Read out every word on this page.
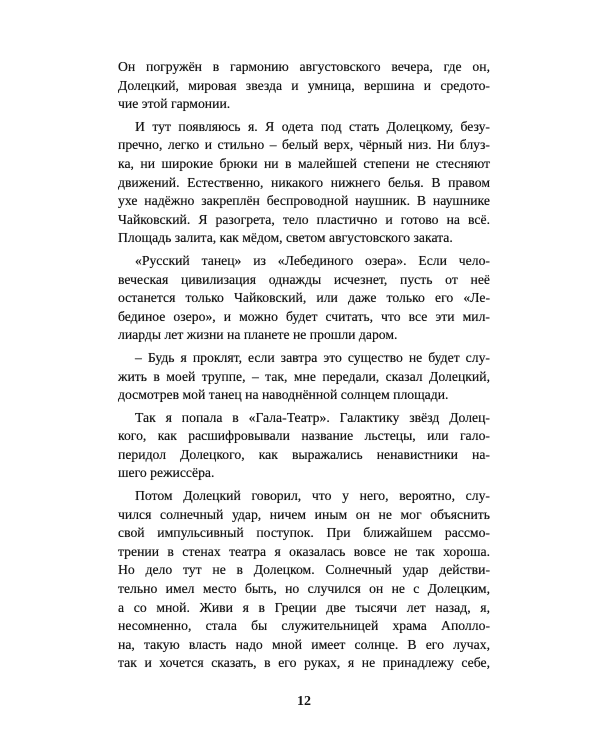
Он погружён в гармонию августовского вечера, где он,
Долецкий, мировая звезда и умница, вершина и средото-
чие этой гармонии.

И тут появляюсь я. Я одета под стать Долецкому, безу-
пречно, легко и стильно – белый верх, чёрный низ. Ни блуз-
ка, ни широкие брюки ни в малейшей степени не стесняют
движений. Естественно, никакого нижнего белья. В правом
ухе надёжно закреплён беспроводной наушник. В наушнике
Чайковский. Я разогрета, тело пластично и готово на всё.
Площадь залита, как мёдом, светом августовского заката.

«Русский танец» из «Лебединого озера». Если чело-
веческая цивилизация однажды исчезнет, пусть от неё
останется только Чайковский, или даже только его «Ле-
бединое озеро», и можно будет считать, что все эти мил-
лиарды лет жизни на планете не прошли даром.

– Будь я проклят, если завтра это существо не будет слу-
жить в моей труппе, – так, мне передали, сказал Долецкий,
досмотрев мой танец на наводнённой солнцем площади.

Так я попала в «Гала-Театр». Галактику звёзд Долец-
кого, как расшифровывали название льстецы, или гало-
перидол Долецкого, как выражались ненавистники на-
шего режиссёра.

Потом Долецкий говорил, что у него, вероятно, слу-
чился солнечный удар, ничем иным он не мог объяснить
свой импульсивный поступок. При ближайшем рассмо-
трении в стенах театра я оказалась вовсе не так хороша.
Но дело тут не в Долецком. Солнечный удар действи-
тельно имел место быть, но случился он не с Долецким,
а со мной. Живи я в Греции две тысячи лет назад, я,
несомненно, стала бы служительницей храма Аполло-
на, такую власть надо мной имеет солнце. В его лучах,
так и хочется сказать, в его руках, я не принадлежу себе,

12
